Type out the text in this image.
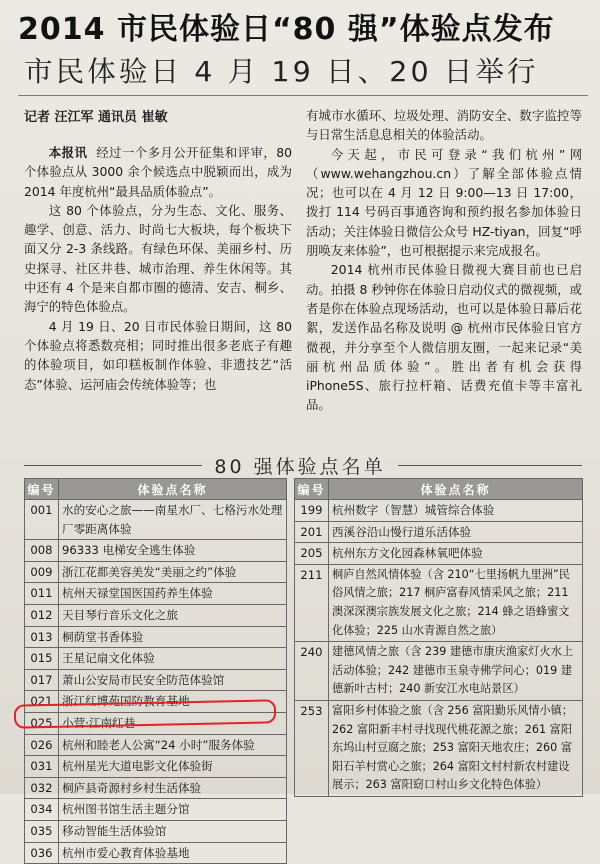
2014 市民体验日“80 强”体验点发布
市民体验日 4 月 19 日、20 日举行
记者 汪江军 通讯员 崔敏

本报讯 经过一个多月公开征集和评审，80 个体验点从 3000 余个候选点中脱颖而出，成为 2014 年度杭州“最具品质体验点”。

这 80 个体验点，分为生态、文化、服务、趣学、创意、活力、时尚七大板块，每个板块下面又分 2-3 条线路。有绿色环保、美丽乡村、历史探寻、社区井巷、城市治理、养生休闲等。其中还有 4 个是来自都市圈的德清、安吉、桐乡、海宁的特色体验点。

4 月 19 日、20 日市民体验日期间，这 80 个体验点将悉数亮相；同时推出很多老底子有趣的体验项目，如印糕板制作体验、非遗技艺“活态”体验、运河庙会传统体验等；也

有城市水循环、垃圾处理、消防安全、数字监控等与日常生活息息相关的体验活动。

今天起，市民可登录“我们杭州”网（www.wehangzhou.cn）了解全部体验点情况；也可以在 4 月 12 日 9:00—13 日 17:00，拨打 114 号码百事通咨询和预约报名参加体验日活动；关注体验日微信公众号 HZ-tiyan，回复“呼朋唤友来体验”，也可根据提示来完成报名。

2014 杭州市民体验日微视大赛目前也已启动。拍摄 8 秒钟你在体验日启动仪式的微视频，或者是你在体验点现场活动，也可以是体验日幕后花絮，发送作品名称及说明 @ 杭州市民体验日官方微视，并分享至个人微信朋友圈，一起来记录“美丽杭州品质体验”。胜出者有机会获得 iPhone5S、旅行拉杆箱、话费充值卡等丰富礼品。

80 强体验点名单
编号	体验点名称
001	水的安心之旅——南星水厂、七格污水处理厂零距离体验
008	96333 电梯安全逃生体验
009	浙江花都美容美发“美丽之约”体验
011	杭州天禄堂国医国药养生体验
012	天目琴行音乐文化之旅
013	桐荫堂书香体验
015	王星记扇文化体验
017	萧山公安局市民安全防范体验馆
021	浙江红博苑国防教育基地
025	小营·江南红巷
026	杭州和睦老人公寓“24 小时”服务体验
031	杭州星光大道电影文化体验街
032	桐庐县奇源村乡村生活体验
034	杭州图书馆生活主题分馆
035	移动智能生活体验馆
036	杭州市爱心教育体验基地
编号	体验点名称
199	杭州数字（智慧）城管综合体验
201	西溪谷沿山慢行道乐活体验
205	杭州东方文化园森林氧吧体验
211	桐庐自然风情体验（含 210“七里扬帆九里洲”民俗风情之旅；217 桐庐富春风情采风之旅；211 澳深深澳宗族发展文化之旅；214 蜂之语蜂蜜文化体验；225 山水青源自然之旅）
240	建德风情之旅（含 239 建德市康庆渔家灯火水上活动体验；242 建德市玉泉寺佛学问心；019 建德新叶古村；240 新安江水电站景区）
253	富阳乡村体验之旅（含 256 富阳勤乐风情小镇；262 富阳新丰村寻找现代桃花源之旅；261 富阳东坞山村豆腐之旅；253 富阳天地农庄；260 富阳石羊村赏心之旅；264 富阳文村村新农村建设展示；263 富阳窈口村山乡文化特色体验）
